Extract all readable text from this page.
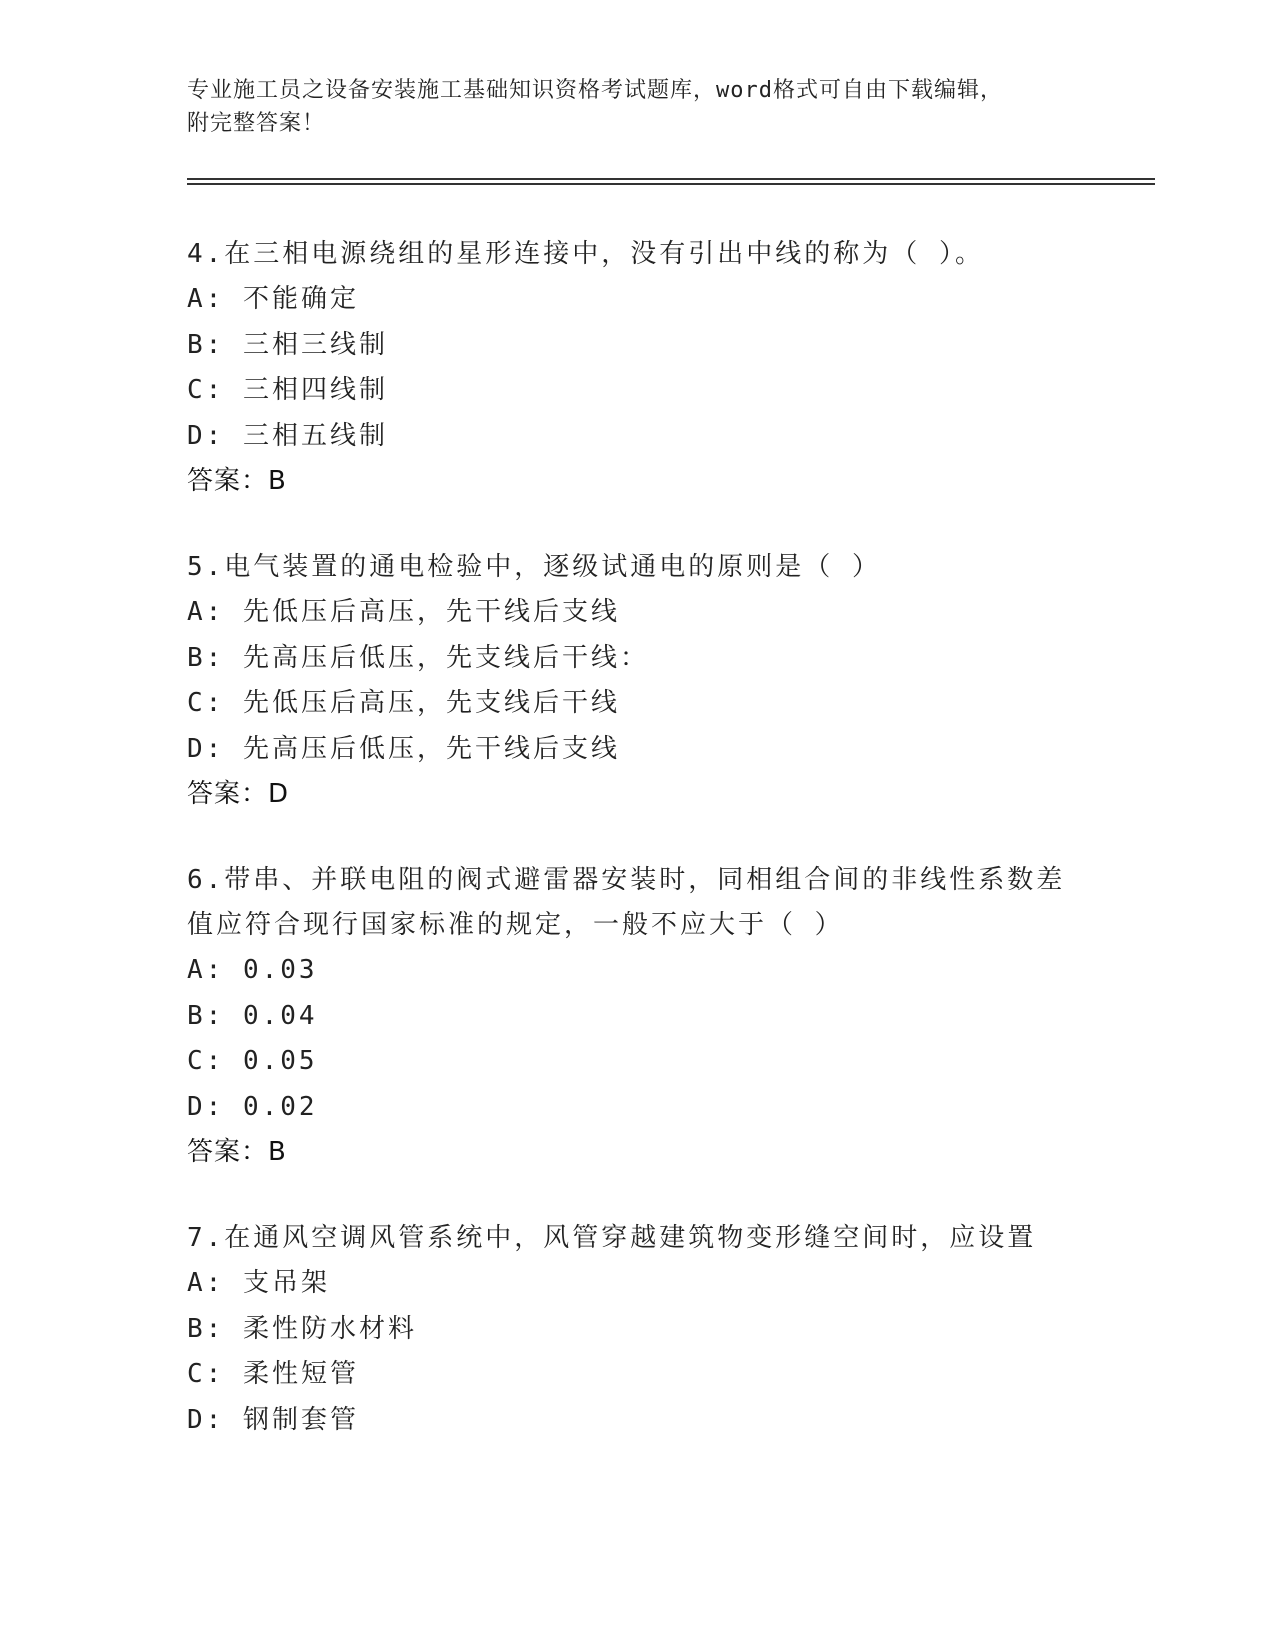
专业施工员之设备安装施工基础知识资格考试题库，word格式可自由下载编辑，
附完整答案！
4.在三相电源绕组的星形连接中，没有引出中线的称为（ ）。
A: 不能确定
B: 三相三线制
C: 三相四线制
D: 三相五线制
答案：B
5.电气装置的通电检验中，逐级试通电的原则是（ ）
A: 先低压后高压，先干线后支线
B: 先高压后低压，先支线后干线：
C: 先低压后高压，先支线后干线
D: 先高压后低压，先干线后支线
答案：D
6.带串、并联电阻的阀式避雷器安装时，同相组合间的非线性系数差值应符合现行国家标准的规定，一般不应大于（ ）
A: 0.03
B: 0.04
C: 0.05
D: 0.02
答案：B
7.在通风空调风管系统中，风管穿越建筑物变形缝空间时，应设置
A: 支吊架
B: 柔性防水材料
C: 柔性短管
D: 钢制套管
